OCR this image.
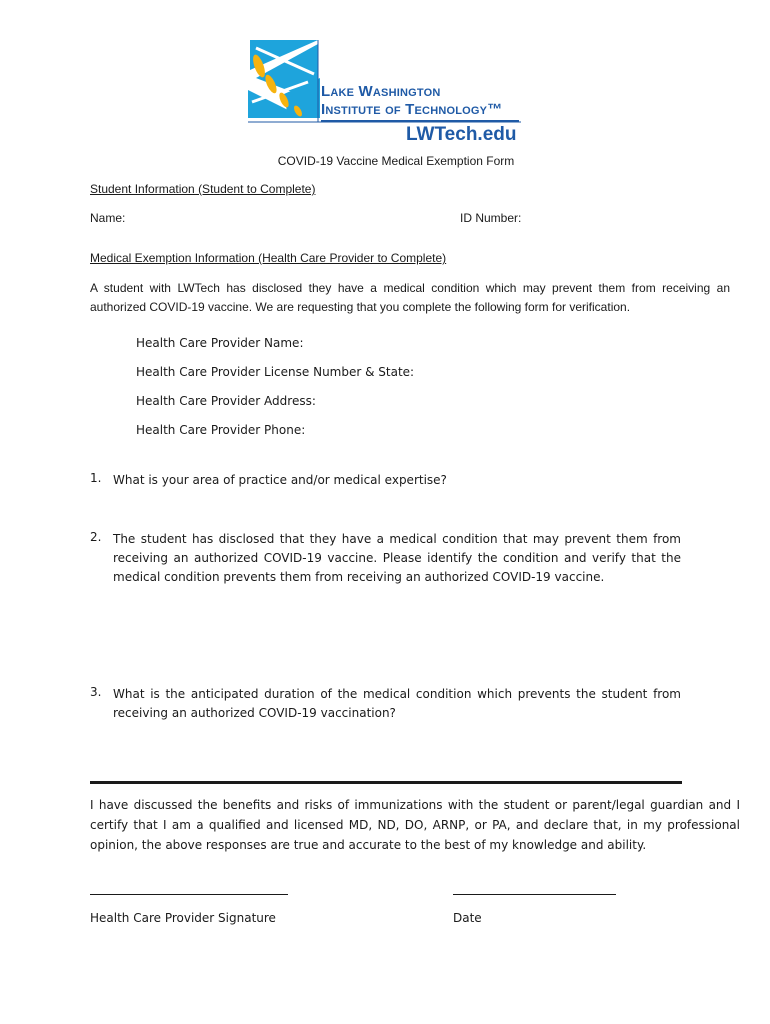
Lake Washington
Institute of Technology™
LWTech.edu
COVID-19 Vaccine Medical Exemption Form
Student Information (Student to Complete)
Name:	ID Number:
Medical Exemption Information (Health Care Provider to Complete)
A student with LWTech has disclosed they have a medical condition which may prevent them from receiving an authorized COVID-19 vaccine. We are requesting that you complete the following form for verification.
Health Care Provider Name:
Health Care Provider License Number & State:
Health Care Provider Address:
Health Care Provider Phone:
1. What is your area of practice and/or medical expertise?
2. The student has disclosed that they have a medical condition that may prevent them from receiving an authorized COVID-19 vaccine. Please identify the condition and verify that the medical condition prevents them from receiving an authorized COVID-19 vaccine.
3. What is the anticipated duration of the medical condition which prevents the student from receiving an authorized COVID-19 vaccination?
I have discussed the benefits and risks of immunizations with the student or parent/legal guardian and I certify that I am a qualified and licensed MD, ND, DO, ARNP, or PA, and declare that, in my professional opinion, the above responses are true and accurate to the best of my knowledge and ability.
Health Care Provider Signature	Date
